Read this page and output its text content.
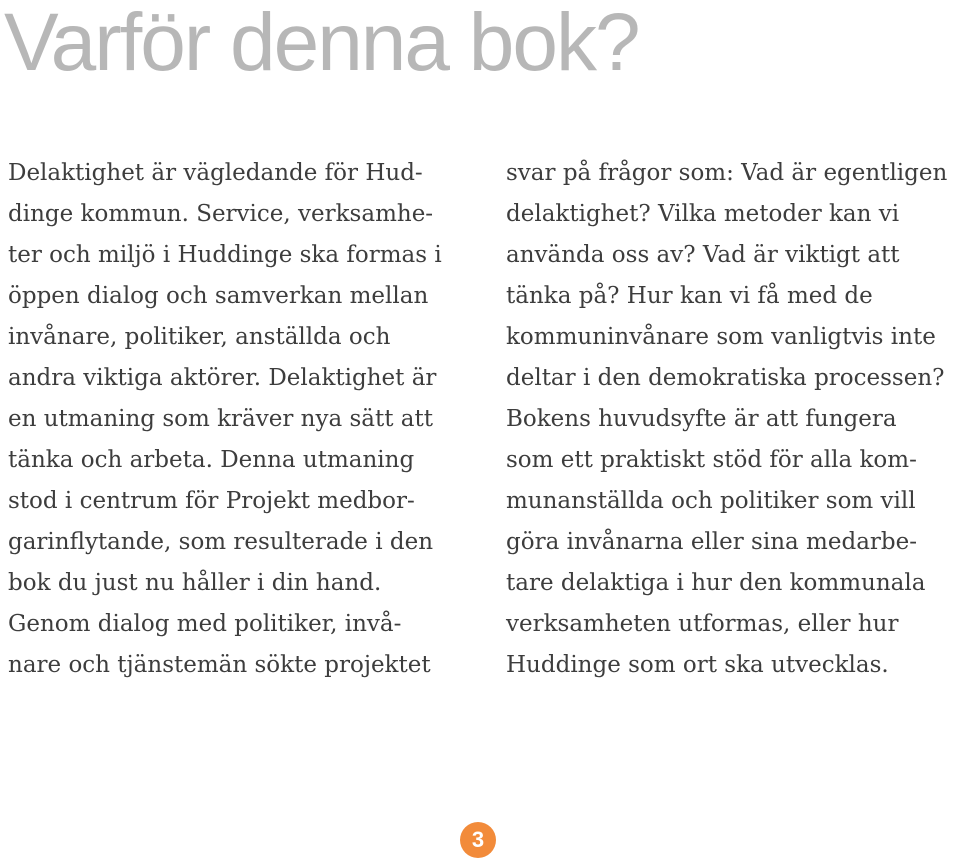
Varför denna bok?
Delaktighet är vägledande för Hud-
dinge kommun. Service, verksamhe-
ter och miljö i Huddinge ska formas i
öppen dialog och samverkan mellan
invånare, politiker, anställda och
andra viktiga aktörer. Delaktighet är
en utmaning som kräver nya sätt att
tänka och arbeta. Denna utmaning
stod i centrum för Projekt medbor-
garinflytande, som resulterade i den
bok du just nu håller i din hand.
Genom dialog med politiker, invå-
nare och tjänstemän sökte projektet
svar på frågor som: Vad är egentligen
delaktighet? Vilka metoder kan vi
använda oss av? Vad är viktigt att
tänka på? Hur kan vi få med de
kommuninvånare som vanligtvis inte
deltar i den demokratiska processen?
Bokens huvudsyfte är att fungera
som ett praktiskt stöd för alla kom-
munanställda och politiker som vill
göra invånarna eller sina medarbe-
tare delaktiga i hur den kommunala
verksamheten utformas, eller hur
Huddinge som ort ska utvecklas.
3
